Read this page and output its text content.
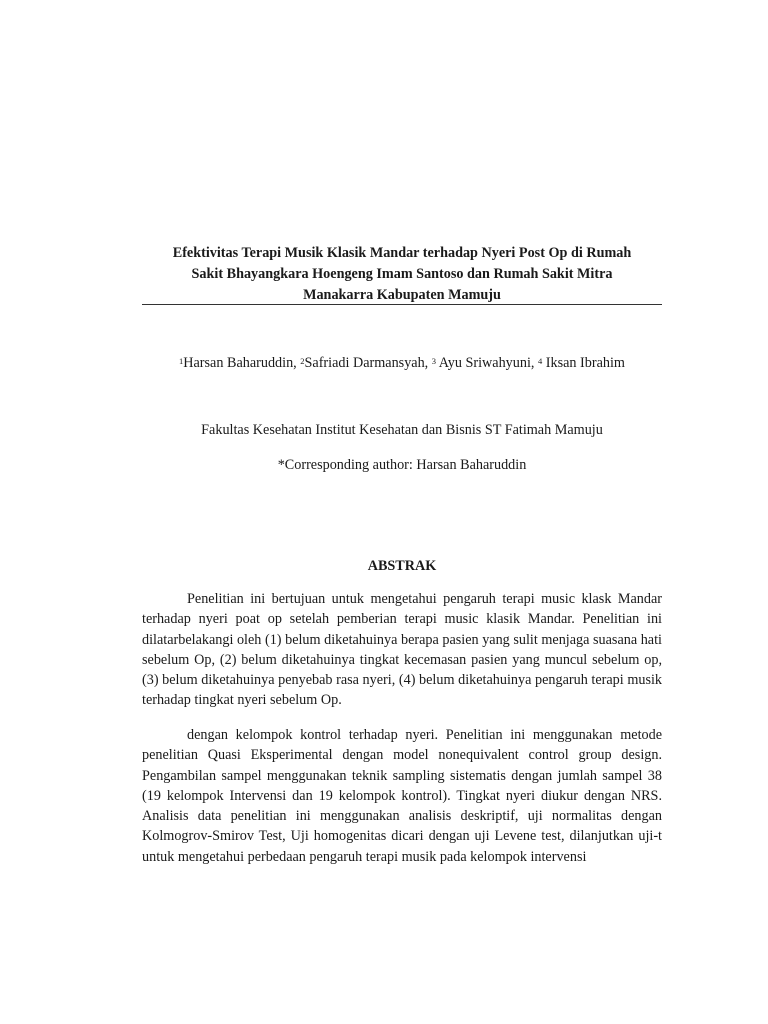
Efektivitas Terapi Musik Klasik Mandar terhadap Nyeri Post Op di Rumah
Sakit Bhayangkara Hoengeng Imam Santoso dan Rumah Sakit Mitra
Manakarra Kabupaten Mamuju
$^1$Harsan Baharuddin, $^2$Safriadi Darmansyah, $^3$ Ayu Sriwahyuni, $^4$ Iksan Ibrahim
Fakultas Kesehatan Institut Kesehatan dan Bisnis ST Fatimah Mamuju
*Corresponding author: Harsan Baharuddin
ABSTRAK

Penelitian ini bertujuan untuk mengetahui pengaruh terapi music klask Mandar terhadap nyeri poat op setelah pemberian terapi music klasik Mandar. Penelitian ini dilatarbelakangi oleh (1) belum diketahuinya berapa pasien yang sulit menjaga suasana hati sebelum Op, (2) belum diketahuinya tingkat kecemasan pasien yang muncul sebelum op, (3) belum diketahuinya penyebab rasa nyeri, (4) belum diketahuinya pengaruh terapi musik terhadap tingkat nyeri sebelum Op.

dengan kelompok kontrol terhadap nyeri. Penelitian ini menggunakan metode penelitian Quasi Eksperimental dengan model nonequivalent control group design. Pengambilan sampel menggunakan teknik sampling sistematis dengan jumlah sampel 38 (19 kelompok Intervensi dan 19 kelompok kontrol). Tingkat nyeri diukur dengan NRS. Analisis data penelitian ini menggunakan analisis deskriptif, uji normalitas dengan Kolmogrov-Smirov Test, Uji homogenitas dicari dengan uji Levene test, dilanjutkan uji-t untuk mengetahui perbedaan pengaruh terapi musik pada kelompok intervensi
